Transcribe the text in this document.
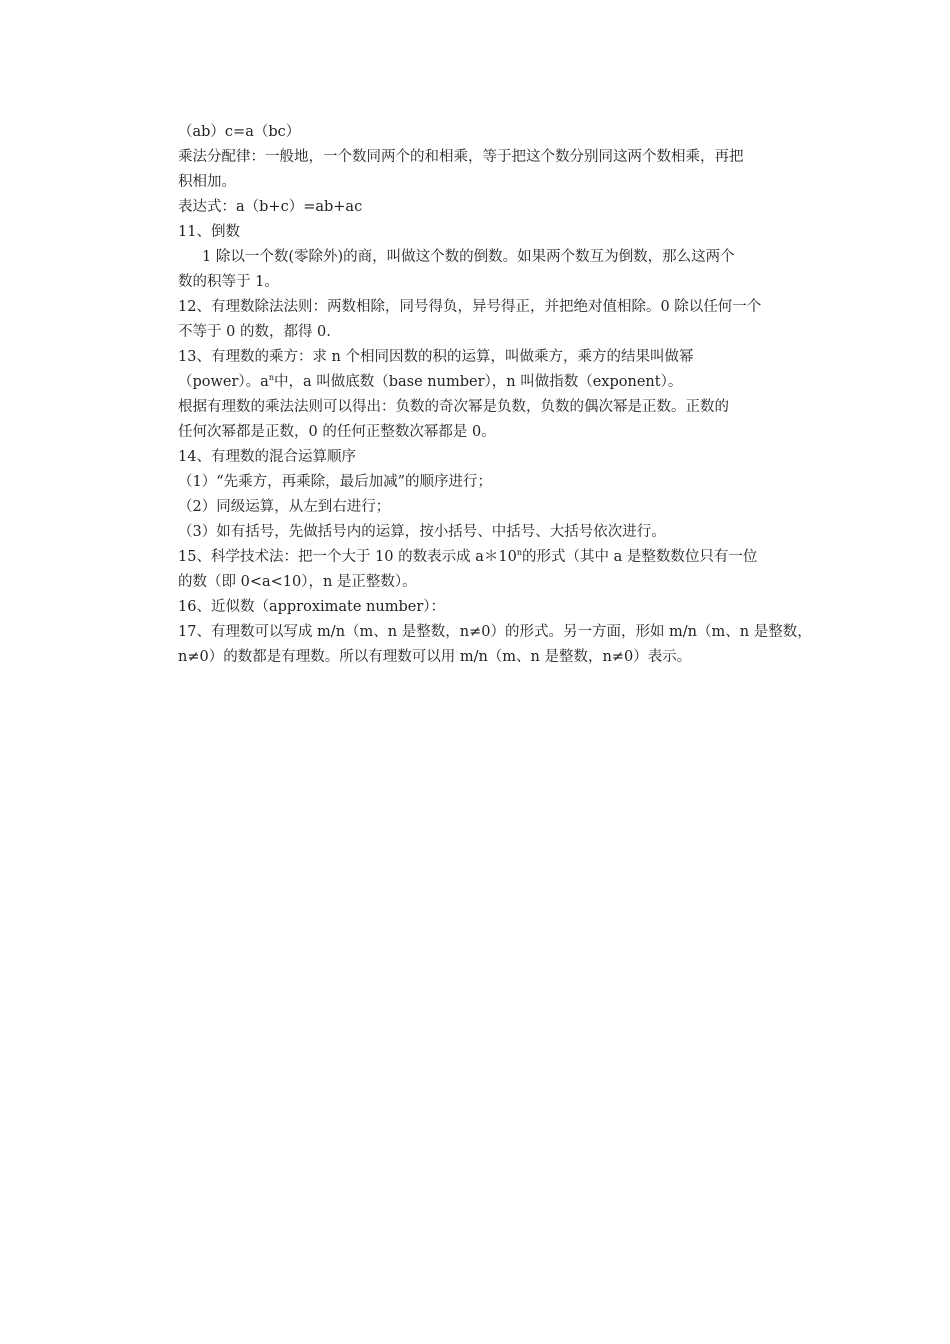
（ab）c=a（bc）
乘法分配律：一般地，一个数同两个的和相乘，等于把这个数分别同这两个数相乘，再把
积相加。
表达式：a（b+c）=ab+ac
11、倒数
1 除以一个数(零除外)的商，叫做这个数的倒数。如果两个数互为倒数，那么这两个
数的积等于 1。
12、有理数除法法则：两数相除，同号得负，异号得正，并把绝对值相除。0 除以任何一个
不等于 0 的数，都得 0.
13、有理数的乘方：求 n 个相同因数的积的运算，叫做乘方，乘方的结果叫做幂
（power）。$a^n$中，a 叫做底数（base number），n 叫做指数（exponent）。
根据有理数的乘法法则可以得出：负数的奇次幂是负数，负数的偶次幂是正数。正数的
任何次幂都是正数，0 的任何正整数次幂都是 0。
14、有理数的混合运算顺序
（1）“先乘方，再乘除，最后加减”的顺序进行；
（2）同级运算，从左到右进行；
（3）如有括号，先做括号内的运算，按小括号、中括号、大括号依次进行。
15、科学技术法：把一个大于 10 的数表示成 a＊10$^n$的形式（其中 a 是整数数位只有一位
的数（即 0<a<10），n 是正整数）。
16、近似数（approximate number）：
17、有理数可以写成 m/n（m、n 是整数，n≠0）的形式。另一方面，形如 m/n（m、n 是整数，
n≠0）的数都是有理数。所以有理数可以用 m/n（m、n 是整数，n≠0）表示。
